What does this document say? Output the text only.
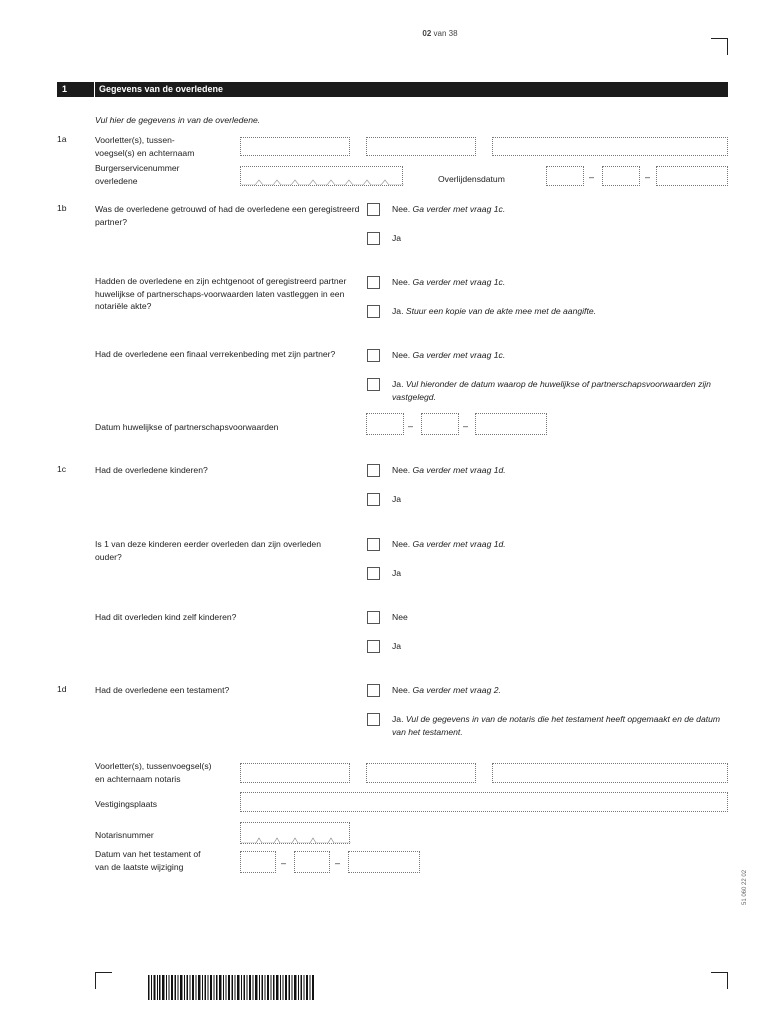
02 van 38
1	Gegevens van de overledene
Vul hier de gegevens in van de overledene.
1a	Voorletter(s), tussen-
voegsel(s) en achternaam
Burgerservicenummer
overledene	Overlijdensdatum	–	–
1b	Was de overledene getrouwd of had de overledene een geregistreerd partner?
Nee. Ga verder met vraag 1c.
Ja
Hadden de overledene en zijn echtgenoot of geregistreerd partner huwelijkse of partnerschaps-voorwaarden laten vastleggen in een notariële akte?
Nee. Ga verder met vraag 1c.
Ja. Stuur een kopie van de akte mee met de aangifte.
Had de overledene een finaal verrekenbeding met zijn partner?	Nee. Ga verder met vraag 1c.
Ja. Vul hieronder de datum waarop de huwelijkse of partnerschapsvoorwaarden zijn vastgelegd.
Datum huwelijkse of partnerschapsvoorwaarden	–	–
1c	Had de overledene kinderen?	Nee. Ga verder met vraag 1d.
Ja
Is 1 van deze kinderen eerder overleden dan zijn overleden ouder?
Nee. Ga verder met vraag 1d.
Ja
Had dit overleden kind zelf kinderen?	Nee
Ja
1d	Had de overledene een testament?	Nee. Ga verder met vraag 2.
Ja. Vul de gegevens in van de notaris die het testament heeft opgemaakt en de datum van het testament.
Voorletter(s), tussenvoegsel(s)
en achternaam notaris
Vestigingsplaats
Notarisnummer
Datum van het testament of
van de laatste wijziging	–	–
51 060 22 02
